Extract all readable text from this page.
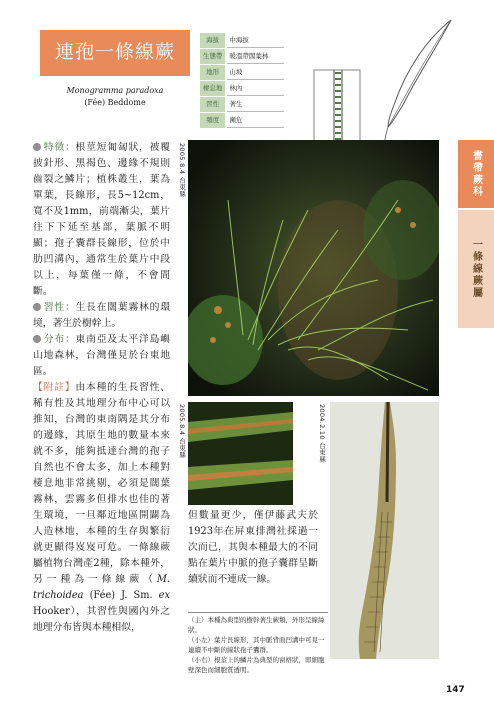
連孢一條線蕨
Monogramma paradoxa
(Fée) Beddome
海拔	中海拔
生態帶	暖溫帶闊葉林
地形	山坡
棲息地	林內
習性	著生
頻度	瀕危

特徵：根莖短匍匐狀，被覆披針形、黑褐色、邊緣不規則齒裂之鱗片；植株叢生，葉為單葉，長線形，長5~12cm，寬不及1mm，前端漸尖，葉片往下下延至基部，葉脈不明顯；孢子囊群長線形，位於中肋凹溝內，通常生於葉片中段以上，每葉僅一條，不會間斷。

習性：生長在闊葉霧林的環境，著生於樹幹上。

分布：東南亞及太平洋島嶼山地森林，台灣僅見於台東地區。

【附註】由本種的生長習性、稀有性及其地理分布中心可以推知，台灣的東南隅是其分布的邊緣，其原生地的數量本來就不多，能夠抵達台灣的孢子自然也不會太多，加上本種對棲息地非常挑剔，必須是闊葉霧林，雲霧多但排水也佳的著生環境，一旦鄰近地區開闢為人造林地，本種的生存與繁衍就更顯得岌岌可危。一條線蕨屬植物台灣產2種，除本種外，另一種為一條線蕨（M. trichoidea (Fée) J. Sm. ex Hooker），其習性與國內外之地理分布皆與本種相似，

2005.8.4 台東縣
2005.8.4 台東縣	2004.2.10 台東縣
但數量更少，僅伊藤武夫於1923年在屏東排灣社採過一次而已，其與本種最大的不同點在葉片中脈的孢子囊群呈斷續狀而不連成一線。

（主）本種為典型的樹幹著生蕨類，外形呈線絲狀。

（小左）葉片長線形，其中脈背面凹溝中可見一連續不中斷的線狀孢子囊群。

（小右）根莖上的鱗片為典型的窗格狀，即細胞壁深色而細胞質透明。

書帶蕨科
一條線蕨屬
147
